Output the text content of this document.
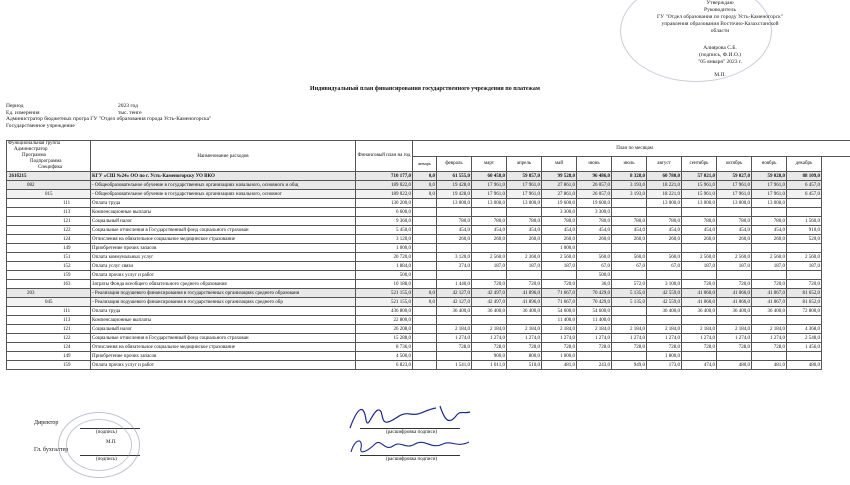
Утверждаю
Руководитель
ГУ "Отдел образования по городу Усть-Каменогорск"
управления образования Восточно-Казахстанской
области
Алиярова С.Б.
(подпись, Ф.И.О.)
"05 января" 2023 г.
М.П.
Индивидуальный план финансирования государственного учреждения по платежам
Период	2023 год
Ед. измерения	тыс. тенге
Администратор бюджетных програ ГУ "Отдел образования города Усть-Каменогорска"
Государственное учреждение
Функциональная группа
Администратор
Программа
Подпрограмма
Специфика	Наименование расходов	Финансовый план на год	План по месяцам											
			январь	февраль	март	апрель	май	июнь	июль	август	сентябрь	октябрь	ноябрь	декабрь
261б215	КГУ «СШ №24» ОО по г. Усть-Каменогорску УО ВКО	710 177,0	0,0	61 555,0	60 458,0	59 857,0	99 528,0	96 486,0	8 328,0	60 780,0	57 021,0	59 027,0	59 028,0	88 109,0
082	- Общеобразовательное обучение в государственных организациях начального, основного и общ	189 022,0	0,0	19 428,0	17 961,0	17 961,0	27 861,0	26 057,0	3 193,0	18 221,0	15 961,0	17 961,0	17 961,0	6 457,0
015	- Общеобразовательное обучение в государственных организациях начального, основног	189 022,0	0,0	19 428,0	17 961,0	17 961,0	27 861,0	26 057,0	3 193,0	18 221,0	15 961,0	17 961,0	17 961,0	6 457,0
111	Оплата труда	130 200,0		13 000,0	13 000,0	13 000,0	19 600,0	19 600,0		13 000,0	13 000,0	13 000,0	13 000,0	
113	Компенсационные выплаты	6 600,0					3 300,0	3 300,0						
121	Социальный налог	9 360,0		780,0	780,0	780,0	780,0	780,0	780,0	780,0	780,0	780,0	780,0	1 560,0
122	Социальные отчисления в Государственный фонд социального страхован	5 450,0		454,0	454,0	454,0	454,0	454,0	454,0	454,0	454,0	454,0	454,0	910,0
124	Отчисления на обязательное социальное медицинское страхование	3 120,0		260,0	260,0	260,0	260,0	260,0	260,0	260,0	260,0	260,0	260,0	520,0
149	Приобретение прочих запасов	1 000,0					1 000,0							
151	Оплата коммунальных услуг	20 720,0		3 120,0	2 560,0	2 360,0	2 560,0	560,0	560,0	560,0	2 560,0	2 560,0	2 560,0	2 560,0
152	Оплата услуг связи	1 884,0		374,0	187,0	187,0	187,0	67,0	67,0	67,0	187,0	187,0	187,0	187,0
159	Оплата прочих услуг и работ	500,0						500,0						
163	Затраты Фонда всеобщего обязательного среднего образования	10 188,0		1 440,0	720,0	720,0	720,0	36,0	572,0	3 100,0	720,0	720,0	720,0	720,0
203	- Реализация подушевого финансирования в государственных организациях среднего образовани	521 155,0	0,0	42 127,0	42 497,0	41 896,0	71 667,0	70 429,0	5 135,0	42 559,0	41 060,0	41 066,0	41 067,0	81 652,0
045	- Реализация подушевого финансирования в государственных организациях среднего обр	521 155,0	0,0	42 127,0	42 497,0	41 896,0	71 667,0	70 429,0	5 135,0	42 559,0	41 060,0	41 066,0	41 067,0	81 652,0
111	Оплата труда	436 800,0		36 400,0	36 400,0	36 400,0	54 600,0	54 600,0		36 400,0	36 400,0	36 400,0	36 400,0	72 800,0
113	Компенсационные выплаты	22 800,0					11 400,0	11 400,0						
121	Социальный налог	26 208,0		2 184,0	2 184,0	2 184,0	2 184,0	2 184,0	2 184,0	2 184,0	2 184,0	2 184,0	2 184,0	4 368,0
122	Социальные отчисления в Государственный фонд социального страхован	15 288,0		1 274,0	1 274,0	1 274,0	1 274,0	1 274,0	1 274,0	1 274,0	1 274,0	1 274,0	1 274,0	2 548,0
124	Отчисления на обязательное социальное медицинское страхование	8 736,0		728,0	728,0	728,0	728,0	728,0	728,0	728,0	728,0	728,0	728,0	1 456,0
149	Приобретение прочих запасов	4 500,0			900,0	800,0	1 000,0			1 800,0				
159	Оплата прочих услуг и работ	6 823,0		1 541,0	1 011,0	510,0	481,0	243,0	949,0	173,0	474,0	480,0	481,0	480,0
Директор
(подпись)
М.П.
(расшифровка подписи)
Гл. бухгалтер
(подпись)	(расшифровка подписи)
